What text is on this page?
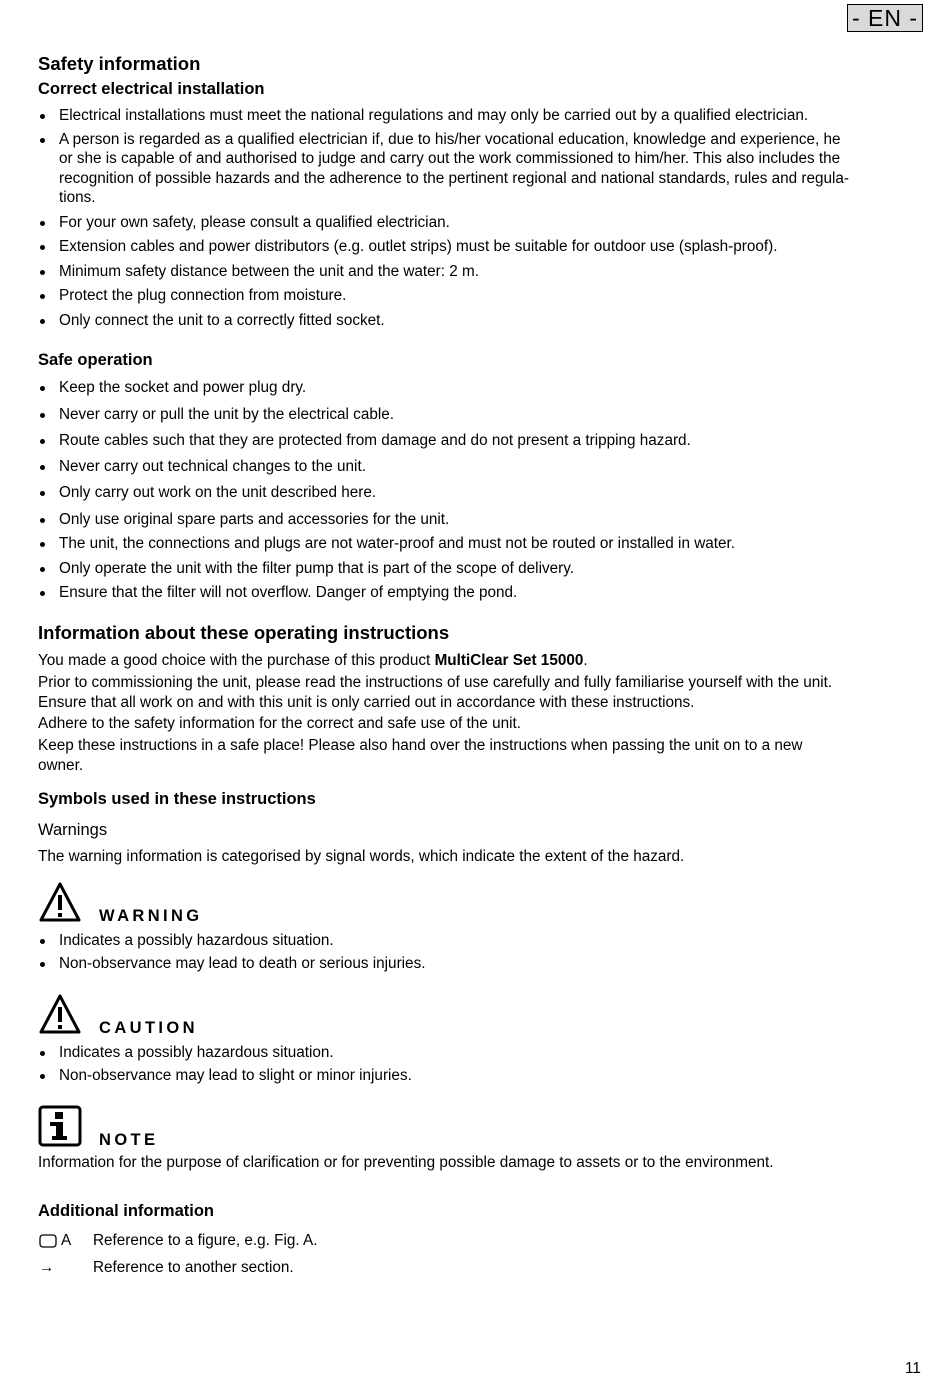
- EN -
Safety information
Correct electrical installation
Electrical installations must meet the national regulations and may only be carried out by a qualified electrician.
A person is regarded as a qualified electrician if, due to his/her vocational education, knowledge and experience, he
or she is capable of and authorised to judge and carry out the work commissioned to him/her. This also includes the
recognition of possible hazards and the adherence to the pertinent regional and national standards, rules and regula-
tions.
For your own safety, please consult a qualified electrician.
Extension cables and power distributors (e.g. outlet strips) must be suitable for outdoor use (splash-proof).
Minimum safety distance between the unit and the water: 2 m.
Protect the plug connection from moisture.
Only connect the unit to a correctly fitted socket.
Safe operation
Keep the socket and power plug dry.
Never carry or pull the unit by the electrical cable.
Route cables such that they are protected from damage and do not present a tripping hazard.
Never carry out technical changes to the unit.
Only carry out work on the unit described here.
Only use original spare parts and accessories for the unit.
The unit, the connections and plugs are not water-proof and must not be routed or installed in water.
Only operate the unit with the filter pump that is part of the scope of delivery.
Ensure that the filter will not overflow. Danger of emptying the pond.
Information about these operating instructions
You made a good choice with the purchase of this product MultiClear Set 15000.
Prior to commissioning the unit, please read the instructions of use carefully and fully familiarise yourself with the unit.
Ensure that all work on and with this unit is only carried out in accordance with these instructions.
Adhere to the safety information for the correct and safe use of the unit.
Keep these instructions in a safe place! Please also hand over the instructions when passing the unit on to a new
owner.
Symbols used in these instructions
Warnings
The warning information is categorised by signal words, which indicate the extent of the hazard.
WARNING
Indicates a possibly hazardous situation.
Non-observance may lead to death or serious injuries.
CAUTION
Indicates a possibly hazardous situation.
Non-observance may lead to slight or minor injuries.
NOTE
Information for the purpose of clarification or for preventing possible damage to assets or to the environment.
Additional information
A Reference to a figure, e.g. Fig. A.
→	Reference to another section.
11
